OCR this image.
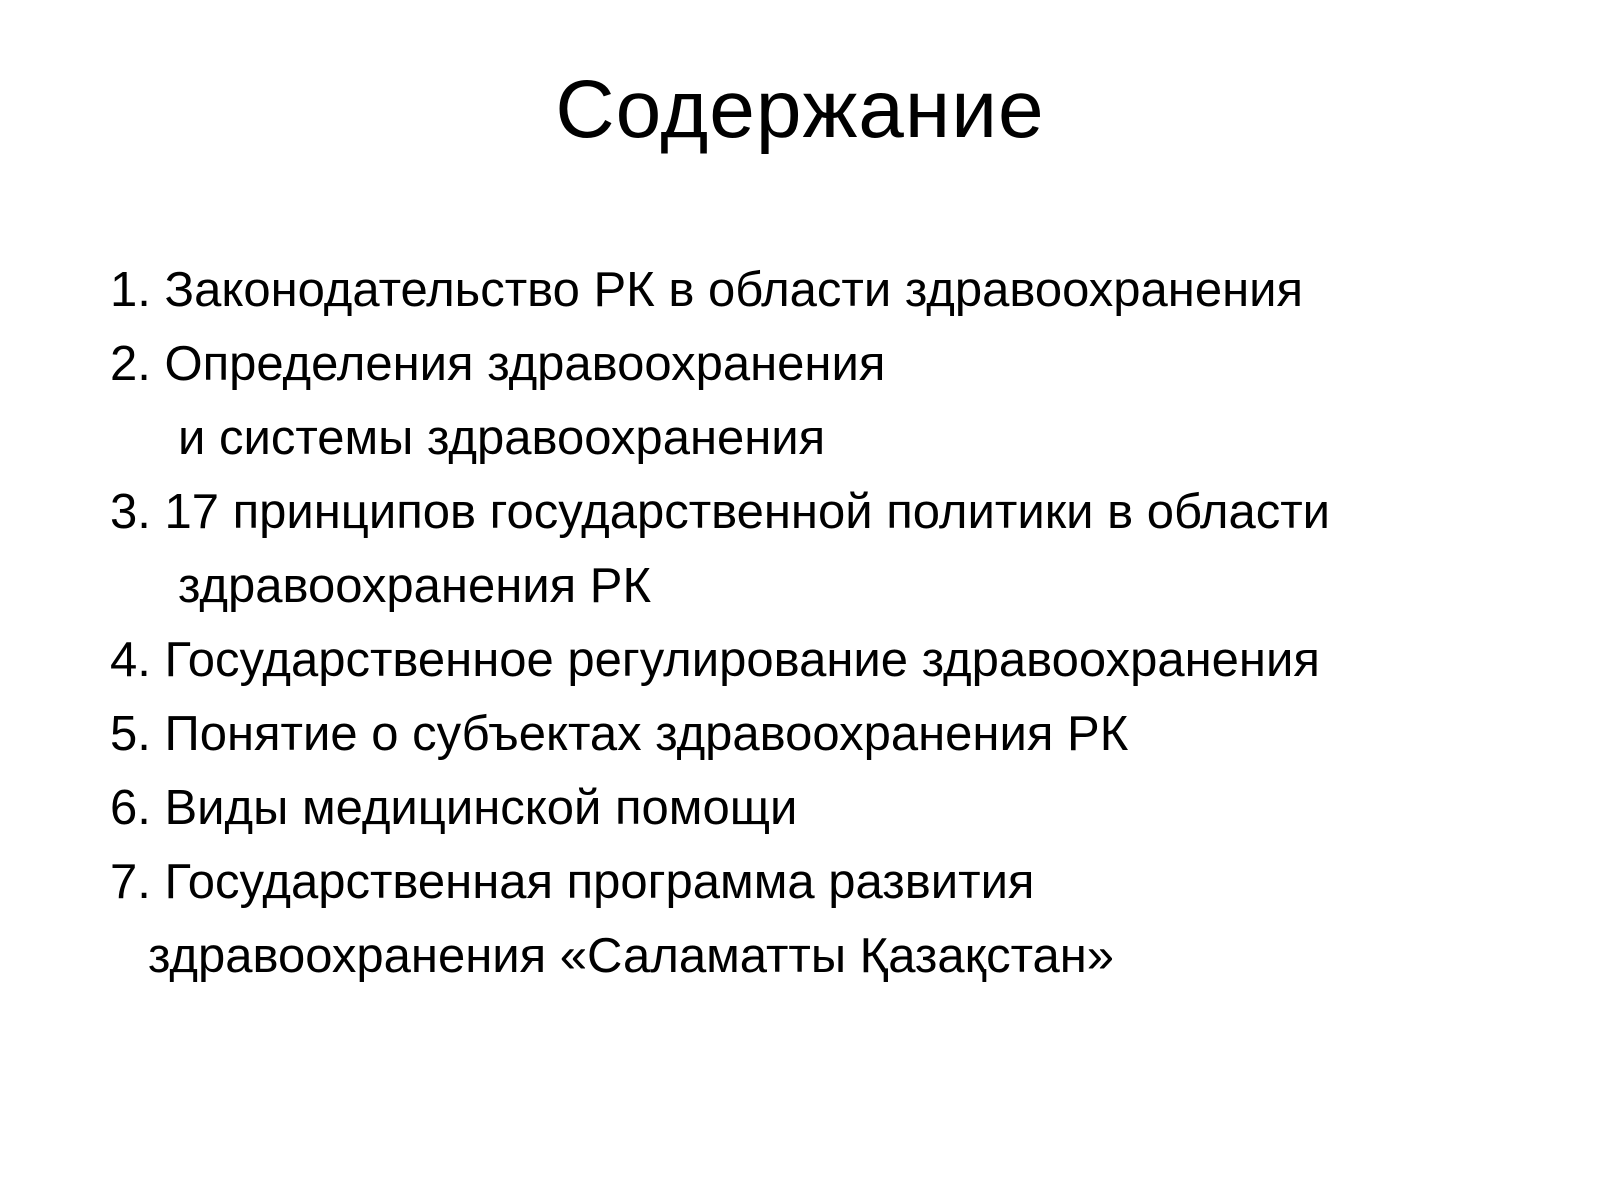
Содержание
1. Законодательство РК в области здравоохранения
2. Определения здравоохранения
и системы здравоохранения
3. 17 принципов государственной политики в области
здравоохранения РК
4. Государственное регулирование здравоохранения
5. Понятие о субъектах здравоохранения РК
6. Виды медицинской помощи
7. Государственная программа развития
здравоохранения «Саламатты Қазақстан»
